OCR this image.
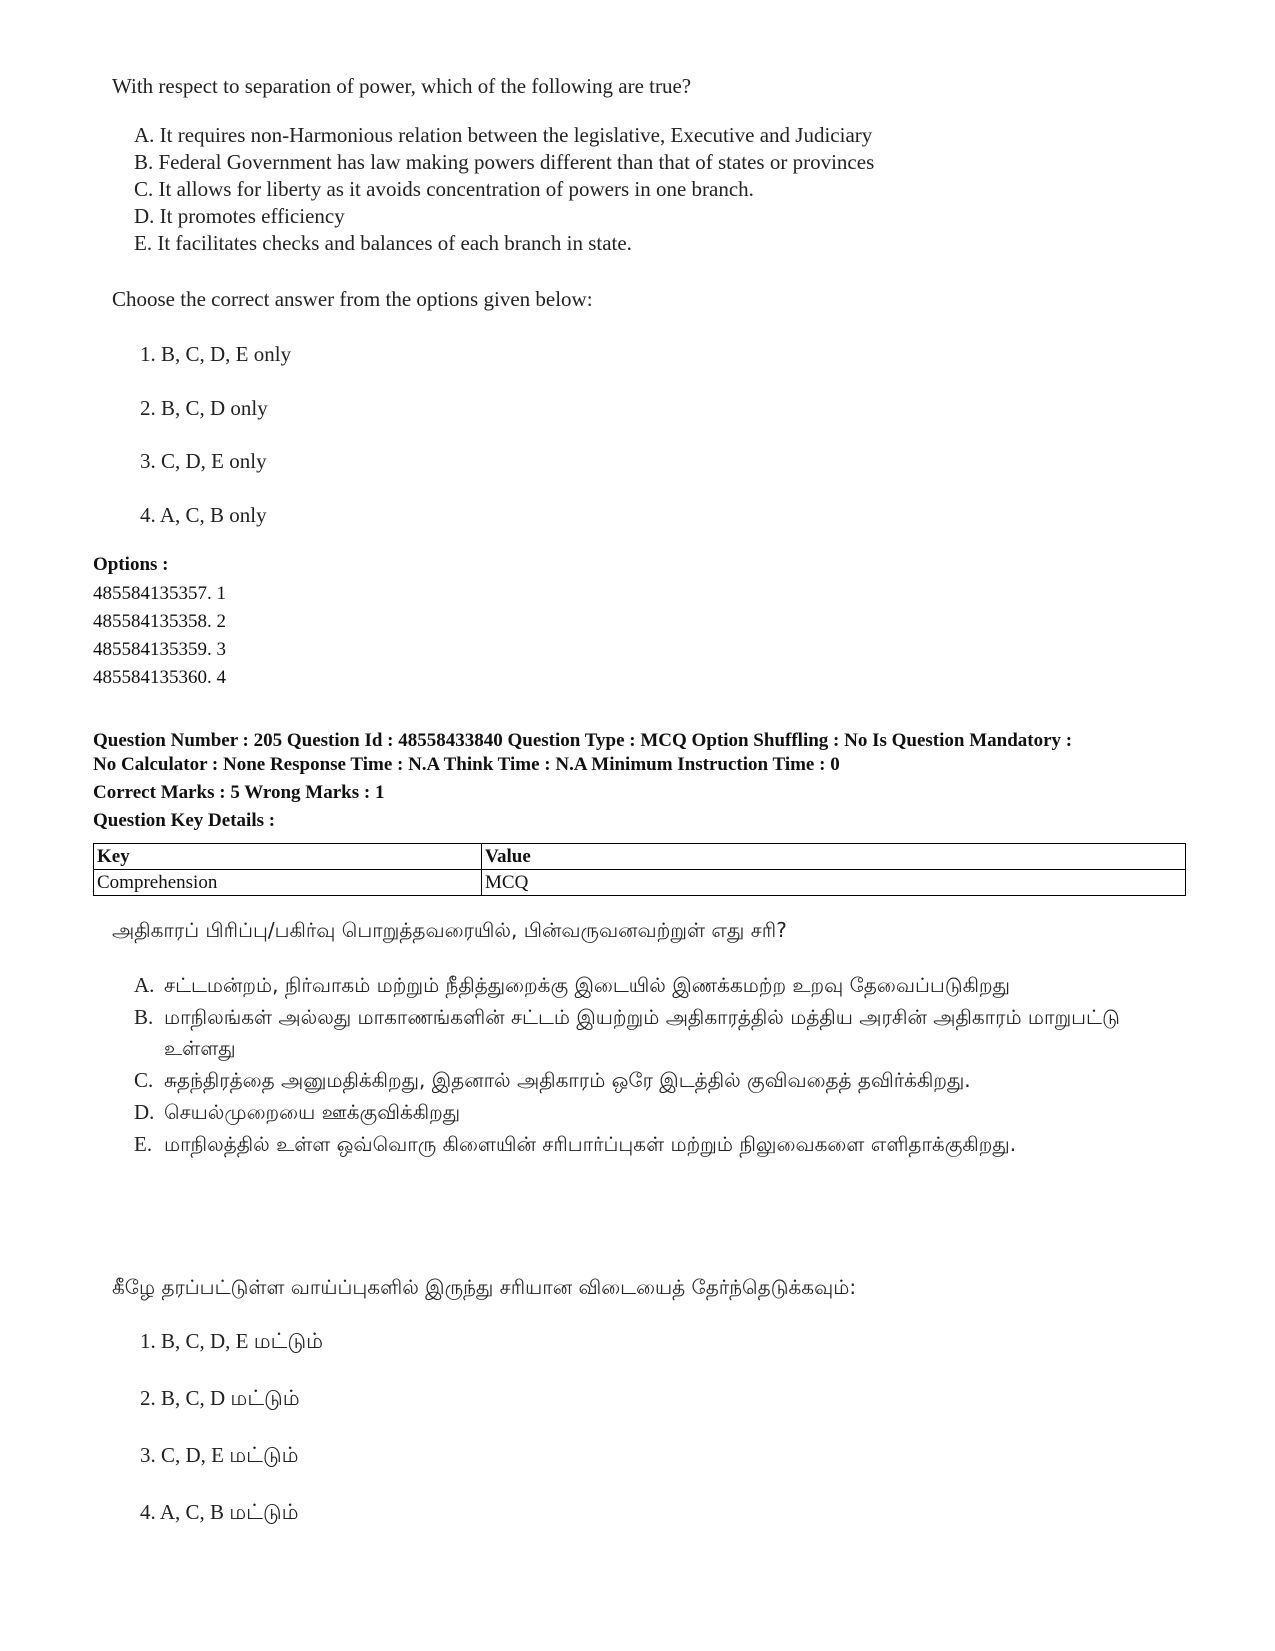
With respect to separation of power, which of the following are true?

A. It requires non-Harmonious relation between the legislative, Executive and Judiciary
B. Federal Government has law making powers different than that of states or provinces
C. It allows for liberty as it avoids concentration of powers in one branch.
D. It promotes efficiency
E. It facilitates checks and balances of each branch in state.

Choose the correct answer from the options given below:

1. B, C, D, E only
2. B, C, D only
3. C, D, E only
4. A, C, B only

Options :

485584135357. 1
485584135358. 2
485584135359. 3
485584135360. 4

Question Number : 205 Question Id : 48558433840 Question Type : MCQ Option Shuffling : No Is Question Mandatory :

No Calculator : None Response Time : N.A Think Time : N.A Minimum Instruction Time : 0

Correct Marks : 5 Wrong Marks : 1

Question Key Details :

Key	Value
Comprehension	MCQ

அதிகாரப் பிரிப்பு/பகிர்வு பொறுத்தவரையில், பின்வருவனவற்றுள் எது சரி?

A. சட்டமன்றம், நிர்வாகம் மற்றும் நீதித்துறைக்கு இடையில் இணக்கமற்ற உறவு தேவைப்படுகிறது
B. மாநிலங்கள் அல்லது மாகாணங்களின் சட்டம் இயற்றும் அதிகாரத்தில் மத்திய அரசின் அதிகாரம் மாறுபட்டு உள்ளது
C. சுதந்திரத்தை அனுமதிக்கிறது, இதனால் அதிகாரம் ஒரே இடத்தில் குவிவதைத் தவிர்க்கிறது.
D. செயல்முறையை ஊக்குவிக்கிறது
E. மாநிலத்தில் உள்ள ஒவ்வொரு கிளையின் சரிபார்ப்புகள் மற்றும் நிலுவைகளை எளிதாக்குகிறது.

கீழே தரப்பட்டுள்ள வாய்ப்புகளில் இருந்து சரியான விடையைத் தேர்ந்தெடுக்கவும்:

1. B, C, D, E மட்டும்
2. B, C, D மட்டும்
3. C, D, E மட்டும்
4. A, C, B மட்டும்
